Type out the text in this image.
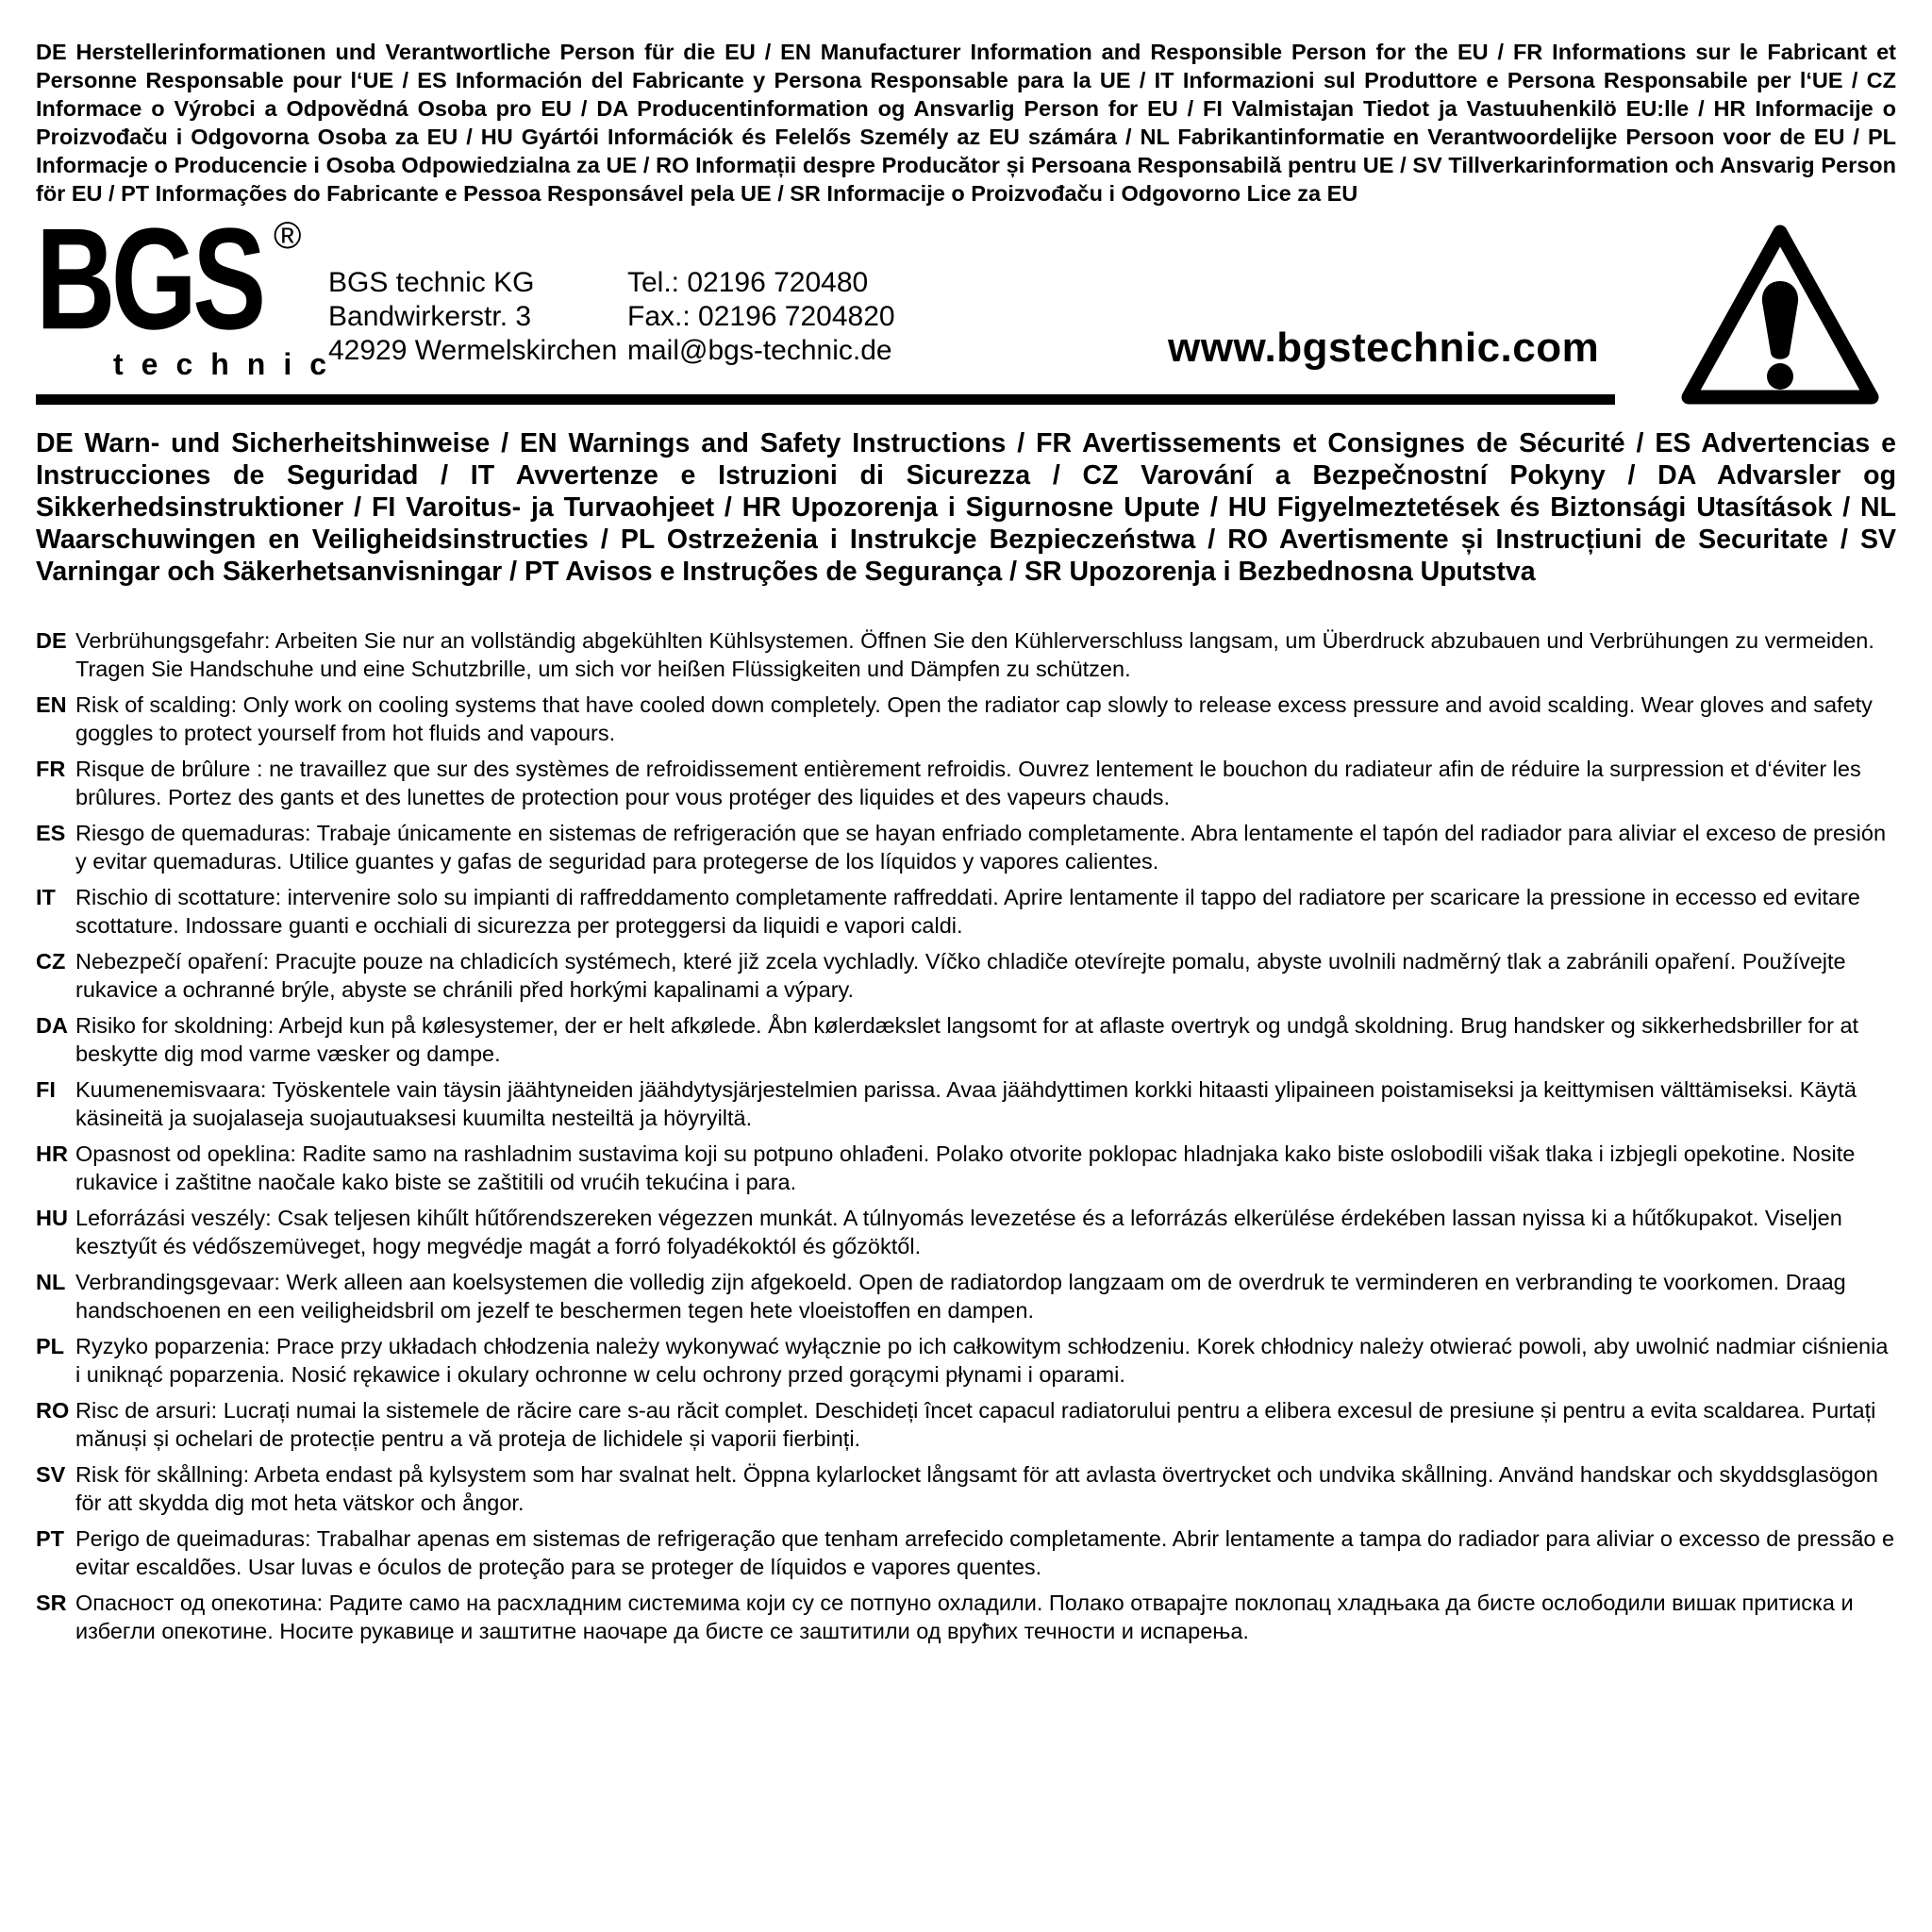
DE Herstellerinformationen und Verantwortliche Person für die EU / EN Manufacturer Information and Responsible Person for the EU / FR Informations sur le Fabricant et Personne Responsable pour l‘UE / ES Información del Fabricante y Persona Responsable para la UE / IT Informazioni sul Produttore e Persona Responsabile per l‘UE / CZ Informace o Výrobci a Odpovědná Osoba pro EU / DA Producentinformation og Ansvarlig Person for EU / FI Valmistajan Tiedot ja Vastuuhenkilö EU:lle / HR Informacije o Proizvođaču i Odgovorna Osoba za EU / HU Gyártói Információk és Felelős Személy az EU számára / NL Fabrikantinformatie en Verantwoordelijke Persoon voor de EU / PL Informacje o Producencie i Osoba Odpowiedzialna za UE / RO Informații despre Producător și Persoana Responsabilă pentru UE / SV Tillverkarinformation och Ansvarig Person för EU / PT Informações do Fabricante e Pessoa Responsável pela UE / SR Informacije o Proizvođaču i Odgovorno Lice za EU

BGS ®
technic
BGS technic KG
Bandwirkerstr. 3
42929 Wermelskirchen
Tel.: 02196 720480
Fax.: 02196 7204820
mail@bgs-technic.de	www.bgstechnic.com

DE Warn- und Sicherheitshinweise / EN Warnings and Safety Instructions / FR Avertissements et Consignes de Sécurité / ES Advertencias e Instrucciones de Seguridad / IT Avvertenze e Istruzioni di Sicurezza / CZ Varování a Bezpečnostní Pokyny / DA Advarsler og Sikkerhedsinstruktioner / FI Varoitus- ja Turvaohjeet / HR Upozorenja i Sigurnosne Upute / HU Figyelmeztetések és Biztonsági Utasítások / NL Waarschuwingen en Veiligheidsinstructies / PL Ostrzeżenia i Instrukcje Bezpieczeństwa / RO Avertismente și Instrucțiuni de Securitate / SV Varningar och Säkerhetsanvisningar / PT Avisos e Instruções de Segurança / SR Upozorenja i Bezbednosna Uputstva

DE Verbrühungsgefahr: Arbeiten Sie nur an vollständig abgekühlten Kühlsystemen. Öffnen Sie den Kühlerverschluss langsam, um Überdruck abzubauen und Verbrühungen zu vermeiden. Tragen Sie Handschuhe und eine Schutzbrille, um sich vor heißen Flüssigkeiten und Dämpfen zu schützen.
EN Risk of scalding: Only work on cooling systems that have cooled down completely. Open the radiator cap slowly to release excess pressure and avoid scalding. Wear gloves and safety goggles to protect yourself from hot fluids and vapours.
FR Risque de brûlure : ne travaillez que sur des systèmes de refroidissement entièrement refroidis. Ouvrez lentement le bouchon du radiateur afin de réduire la surpression et d‘éviter les brûlures. Portez des gants et des lunettes de protection pour vous protéger des liquides et des vapeurs chauds.
ES Riesgo de quemaduras: Trabaje únicamente en sistemas de refrigeración que se hayan enfriado completamente. Abra lentamente el tapón del radiador para aliviar el exceso de presión y evitar quemaduras. Utilice guantes y gafas de seguridad para protegerse de los líquidos y vapores calientes.
IT Rischio di scottature: intervenire solo su impianti di raffreddamento completamente raffreddati. Aprire lentamente il tappo del radiatore per scaricare la pressione in eccesso ed evitare scottature. Indossare guanti e occhiali di sicurezza per proteggersi da liquidi e vapori caldi.
CZ Nebezpečí opaření: Pracujte pouze na chladicích systémech, které již zcela vychladly. Víčko chladiče otevírejte pomalu, abyste uvolnili nadměrný tlak a zabránili opaření. Používejte rukavice a ochranné brýle, abyste se chránili před horkými kapalinami a výpary.
DA Risiko for skoldning: Arbejd kun på kølesystemer, der er helt afkølede. Åbn kølerdækslet langsomt for at aflaste overtryk og undgå skoldning. Brug handsker og sikkerhedsbriller for at beskytte dig mod varme væsker og dampe.
FI Kuumenemisvaara: Työskentele vain täysin jäähtyneiden jäähdytysjärjestelmien parissa. Avaa jäähdyttimen korkki hitaasti ylipaineen poistamiseksi ja keittymisen välttämiseksi. Käytä käsineitä ja suojalaseja suojautuaksesi kuumilta nesteiltä ja höyryiltä.
HR Opasnost od opeklina: Radite samo na rashladnim sustavima koji su potpuno ohlađeni. Polako otvorite poklopac hladnjaka kako biste oslobodili višak tlaka i izbjegli opekotine. Nosite rukavice i zaštitne naočale kako biste se zaštitili od vrućih tekućina i para.
HU Leforrázási veszély: Csak teljesen kihűlt hűtőrendszereken végezzen munkát. A túlnyomás levezetése és a leforrázás elkerülése érdekében lassan nyissa ki a hűtőkupakot. Viseljen kesztyűt és védőszemüveget, hogy megvédje magát a forró folyadékoktól és gőzöktől.
NL Verbrandingsgevaar: Werk alleen aan koelsystemen die volledig zijn afgekoeld. Open de radiatordop langzaam om de overdruk te verminderen en verbranding te voorkomen. Draag handschoenen en een veiligheidsbril om jezelf te beschermen tegen hete vloeistoffen en dampen.
PL Ryzyko poparzenia: Prace przy układach chłodzenia należy wykonywać wyłącznie po ich całkowitym schłodzeniu. Korek chłodnicy należy otwierać powoli, aby uwolnić nadmiar ciśnienia i uniknąć poparzenia. Nosić rękawice i okulary ochronne w celu ochrony przed gorącymi płynami i oparami.
RO Risc de arsuri: Lucrați numai la sistemele de răcire care s-au răcit complet. Deschideți încet capacul radiatorului pentru a elibera excesul de presiune și pentru a evita scaldarea. Purtați mănuși și ochelari de protecție pentru a vă proteja de lichidele și vaporii fierbinți.
SV Risk för skållning: Arbeta endast på kylsystem som har svalnat helt. Öppna kylarlocket långsamt för att avlasta övertrycket och undvika skållning. Använd handskar och skyddsglasögon för att skydda dig mot heta vätskor och ångor.
PT Perigo de queimaduras: Trabalhar apenas em sistemas de refrigeração que tenham arrefecido completamente. Abrir lentamente a tampa do radiador para aliviar o excesso de pressão e evitar escaldões. Usar luvas e óculos de proteção para se proteger de líquidos e vapores quentes.
SR Опасност од опекотина: Радите само на расхладним системима који су се потпуно охладили. Полако отварајте поклопац хладњака да бисте ослободили вишак притиска и избегли опекотине. Носите рукавице и заштитне наочаре да бисте се заштитили од врућих течности и испарења.
